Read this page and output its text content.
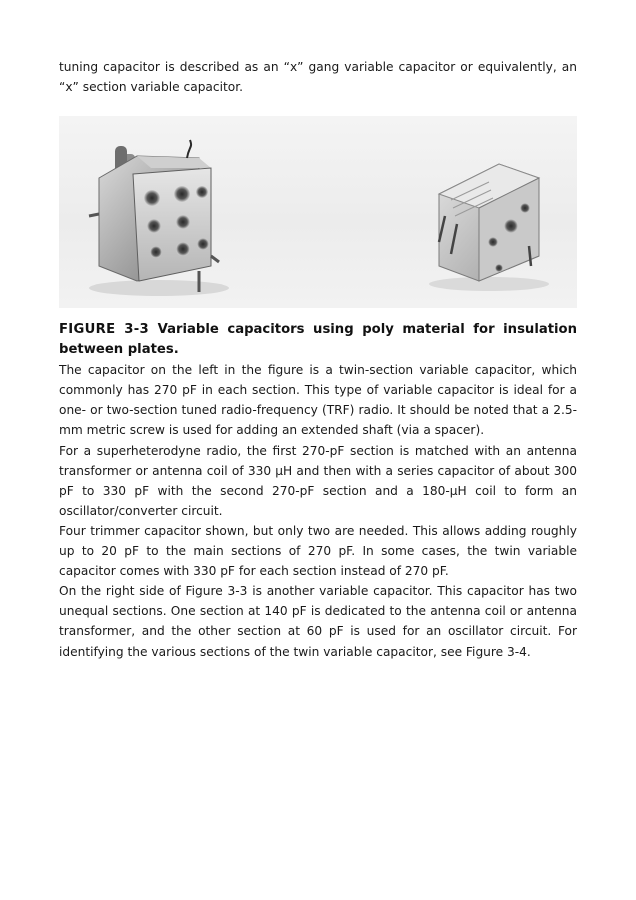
tuning capacitor is described as an “x” gang variable capacitor or equivalently, an “x” section variable capacitor.

FIGURE 3-3 Variable capacitors using poly material for insulation between plates.

The capacitor on the left in the figure is a twin-section variable capacitor, which commonly has 270 pF in each section. This type of variable capacitor is ideal for a one- or two-section tuned radio-frequency (TRF) radio. It should be noted that a 2.5-mm metric screw is used for adding an extended shaft (via a spacer).

For a superheterodyne radio, the first 270-pF section is matched with an antenna transformer or antenna coil of 330 μH and then with a series capacitor of about 300 pF to 330 pF with the second 270-pF section and a 180-μH coil to form an oscillator/converter circuit.

Four trimmer capacitor shown, but only two are needed. This allows adding roughly up to 20 pF to the main sections of 270 pF. In some cases, the twin variable capacitor comes with 330 pF for each section instead of 270 pF.

On the right side of Figure 3-3 is another variable capacitor. This capacitor has two unequal sections. One section at 140 pF is dedicated to the antenna coil or antenna transformer, and the other section at 60 pF is used for an oscillator circuit. For identifying the various sections of the twin variable capacitor, see Figure 3-4.
